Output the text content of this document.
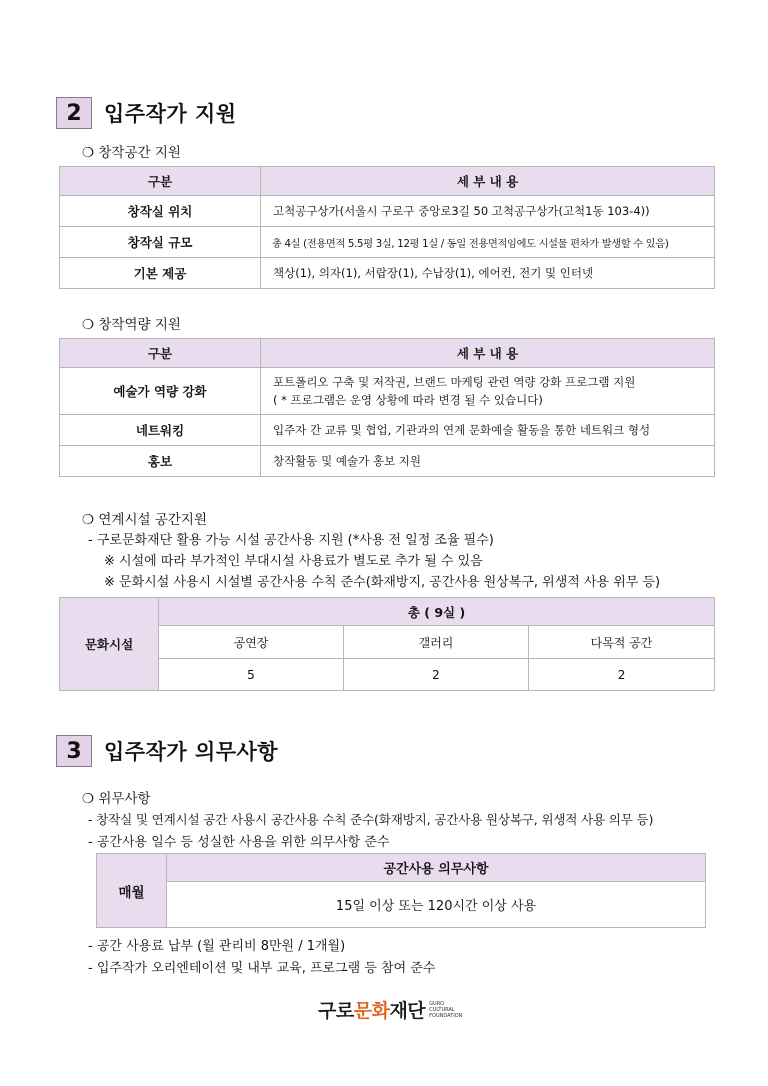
2	입주작가 지원
❍ 창작공간 지원
구분	세 부 내 용
창작실 위치	고척공구상가(서울시 구로구 중앙로3길 50 고척공구상가(고척1동 103-4))
창작실 규모	총 4실 (전용면적 5.5평 3실, 12평 1실 / 동일 전용면적임에도 시설물 편차가 발생할 수 있음)
기본 제공	책상(1), 의자(1), 서랍장(1), 수납장(1), 에어컨, 전기 및 인터넷
❍ 창작역량 지원
구분	세 부 내 용
예술가 역량 강화	포트폴리오 구축 및 저작권, 브랜드 마케팅 관련 역량 강화 프로그램 지원
( * 프로그램은 운영 상황에 따라 변경 될 수 있습니다)

네트워킹	입주자 간 교류 및 협업, 기관과의 연계 문화예술 활동을 통한 네트워크 형성
홍보	창작활동 및 예술가 홍보 지원
❍ 연계시설 공간지원
- 구로문화재단 활용 가능 시설 공간사용 지원 (*사용 전 일정 조율 필수)
※ 시설에 따라 부가적인 부대시설 사용료가 별도로 추가 될 수 있음
※ 문화시설 사용시 시설별 공간사용 수칙 준수(화재방지, 공간사용 원상복구, 위생적 사용 위무 등)
문화시설	총 ( 9실 )		
	공연장	갤러리	다목적 공간
	5	2	2
3	입주작가 의무사항
❍ 위무사항
- 창작실 및 연계시설 공간 사용시 공간사용 수칙 준수(화재방지, 공간사용 원상복구, 위생적 사용 의무 등)
- 공간사용 일수 등 성실한 사용을 위한 의무사항 준수
매월	공간사용 의무사항
15일 이상 또는 120시간 이상 사용
- 공간 사용료 납부 (월 관리비 8만원 / 1개월)
- 입주작가 오리엔테이션 및 내부 교육, 프로그램 등 참여 준수
구로문화재단 GURO
CULTURAL
FOUNDATION
